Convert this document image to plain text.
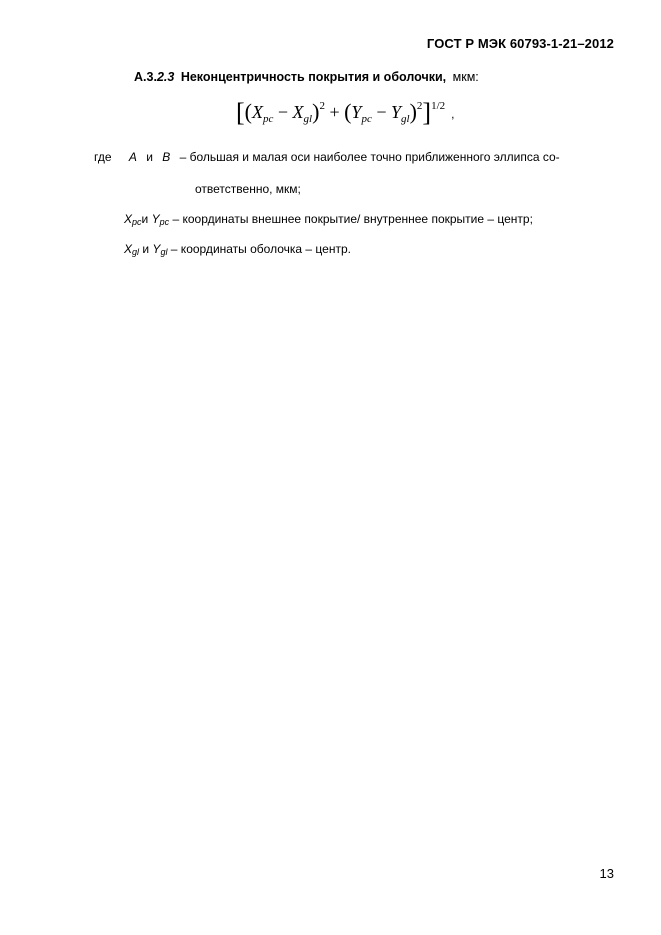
ГОСТ Р МЭК 60793-1-21–2012
А.3.2.3 Неконцентричность покрытия и оболочки, мкм:
$[(X_{pc} - X_{gl})^2 + (Y_{pc} - Y_{gl})^2]^{1/2}$,
где A и B – большая и малая оси наиболее точно приближенного эллипса со-
ответственно, мкм;
$X_{pc}и$ $Y_{pc}$ – координаты внешнее покрытие/ внутреннее покрытие – центр;
$X_{gl}$ и $Y_{gl}$ – координаты оболочка – центр.
13
